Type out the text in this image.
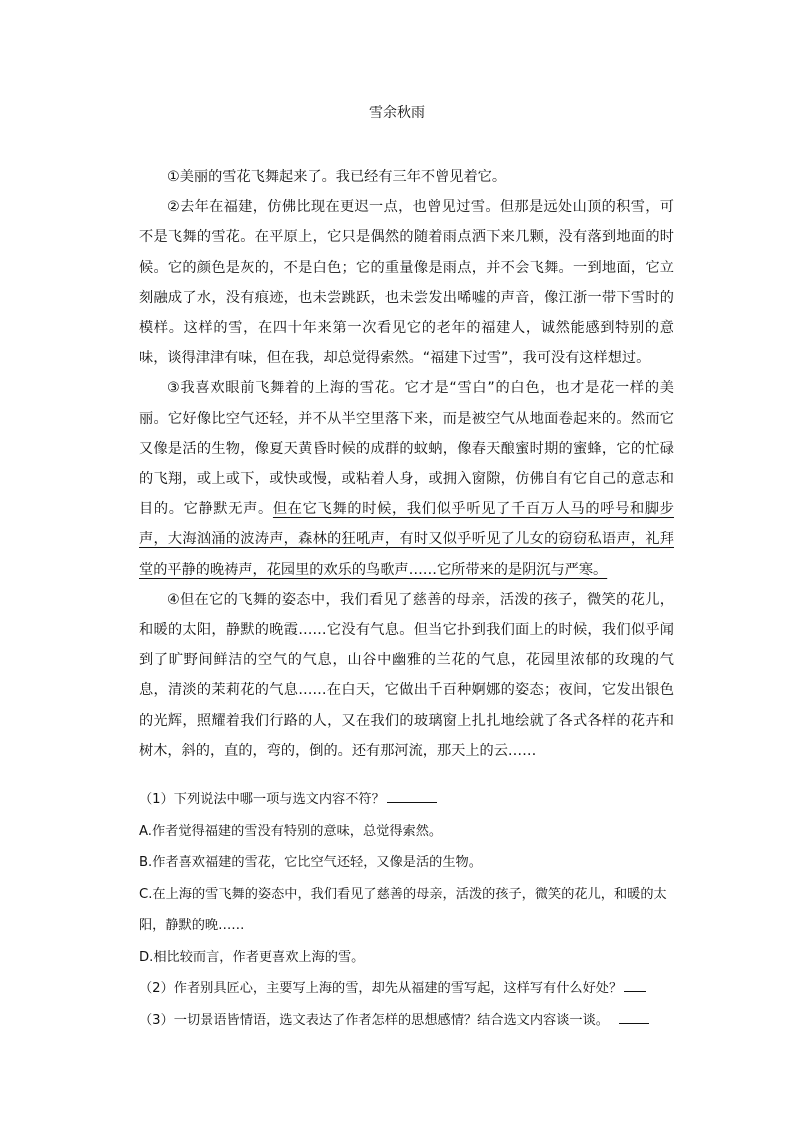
雪余秋雨

①美丽的雪花飞舞起来了。我已经有三年不曾见着它。

②去年在福建，仿佛比现在更迟一点，也曾见过雪。但那是远处山顶的积雪，可不是飞舞的雪花。在平原上，它只是偶然的随着雨点洒下来几颗，没有落到地面的时候。它的颜色是灰的，不是白色；它的重量像是雨点，并不会飞舞。一到地面，它立刻融成了水，没有痕迹，也未尝跳跃，也未尝发出唏嘘的声音，像江浙一带下雪时的模样。这样的雪，在四十年来第一次看见它的老年的福建人，诚然能感到特别的意味，谈得津津有味，但在我，却总觉得索然。“福建下过雪”，我可没有这样想过。

③我喜欢眼前飞舞着的上海的雪花。它才是“雪白”的白色，也才是花一样的美丽。它好像比空气还轻，并不从半空里落下来，而是被空气从地面卷起来的。然而它又像是活的生物，像夏天黄昏时候的成群的蚊蚋，像春天酿蜜时期的蜜蜂，它的忙碌的飞翔，或上或下，或快或慢，或粘着人身，或拥入窗隙，仿佛自有它自己的意志和目的。它静默无声。但在它飞舞的时候，我们似乎听见了千百万人马的呼号和脚步声，大海汹涌的波涛声，森林的狂吼声，有时又似乎听见了儿女的窃窃私语声，礼拜堂的平静的晚祷声，花园里的欢乐的鸟歌声……它所带来的是阴沉与严寒。

④但在它的飞舞的姿态中，我们看见了慈善的母亲，活泼的孩子，微笑的花儿，和暖的太阳，静默的晚霞……它没有气息。但当它扑到我们面上的时候，我们似乎闻到了旷野间鲜洁的空气的气息，山谷中幽雅的兰花的气息，花园里浓郁的玫瑰的气息，清淡的茉莉花的气息……在白天，它做出千百种婀娜的姿态；夜间，它发出银色的光辉，照耀着我们行路的人，又在我们的玻璃窗上扎扎地绘就了各式各样的花卉和树木，斜的，直的，弯的，倒的。还有那河流，那天上的云……

（1）下列说法中哪一项与选文内容不符？

A.作者觉得福建的雪没有特别的意味，总觉得索然。

B.作者喜欢福建的雪花，它比空气还轻，又像是活的生物。

C.在上海的雪飞舞的姿态中，我们看见了慈善的母亲，活泼的孩子，微笑的花儿，和暖的太阳，静默的晚……

D.相比较而言，作者更喜欢上海的雪。

（2）作者别具匠心，主要写上海的雪，却先从福建的雪写起，这样写有什么好处？

（3）一切景语皆情语，选文表达了作者怎样的思想感情？结合选文内容谈一谈。
